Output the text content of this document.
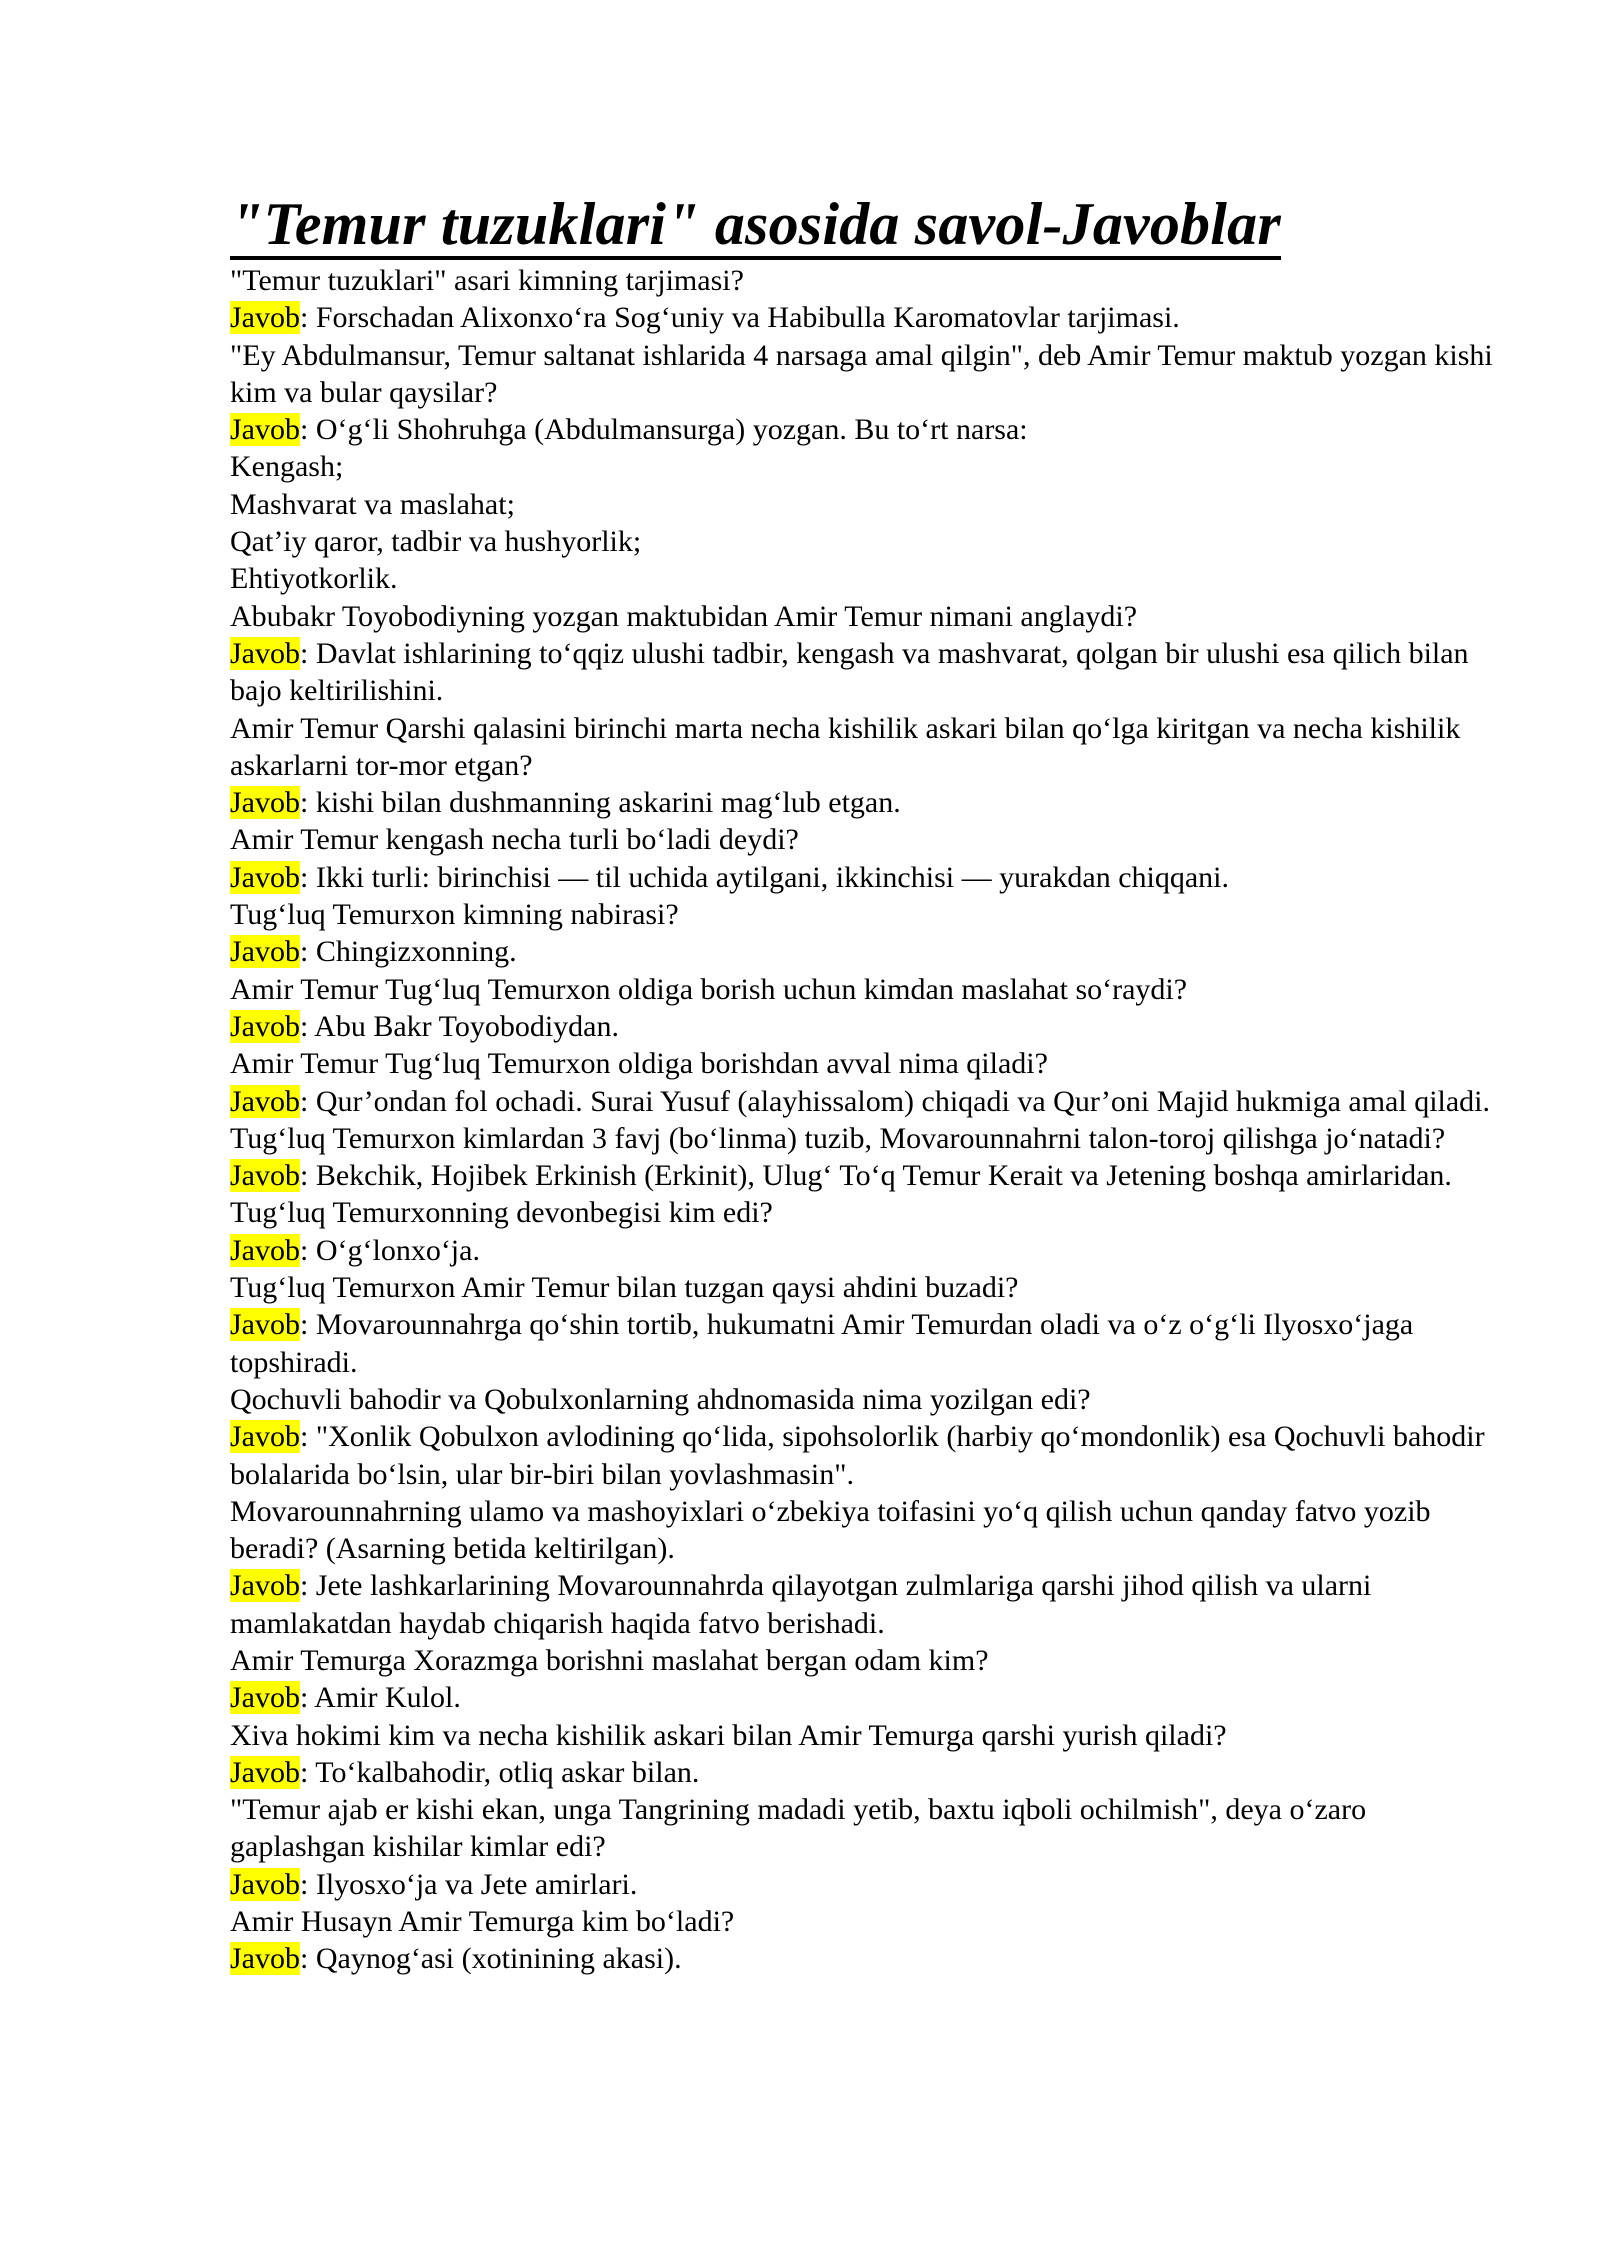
"Temur tuzuklari" asosida savol-Javoblar
"Temur tuzuklari" asari kimning tarjimasi?
Javob: Forschadan Alixonxo‘ra Sog‘uniy va Habibulla Karomatovlar tarjimasi.
"Ey Abdulmansur, Temur saltanat ishlarida 4 narsaga amal qilgin", deb Amir Temur maktub yozgan kishi kim va bular qaysilar?
Javob: O‘g‘li Shohruhga (Abdulmansurga) yozgan. Bu to‘rt narsa:
Kengash;
Mashvarat va maslahat;
Qat’iy qaror, tadbir va hushyorlik;
Ehtiyotkorlik.
Abubakr Toyobodiyning yozgan maktubidan Amir Temur nimani anglaydi?
Javob: Davlat ishlarining to‘qqiz ulushi tadbir, kengash va mashvarat, qolgan bir ulushi esa qilich bilan bajo keltirilishini.
Amir Temur Qarshi qalasini birinchi marta necha kishilik askari bilan qo‘lga kiritgan va necha kishilik askarlarni tor-mor etgan?
Javob: kishi bilan dushmanning askarini mag‘lub etgan.
Amir Temur kengash necha turli bo‘ladi deydi?
Javob: Ikki turli: birinchisi — til uchida aytilgani, ikkinchisi — yurakdan chiqqani.
Tug‘luq Temurxon kimning nabirasi?
Javob: Chingizxonning.
Amir Temur Tug‘luq Temurxon oldiga borish uchun kimdan maslahat so‘raydi?
Javob: Abu Bakr Toyobodiydan.
Amir Temur Tug‘luq Temurxon oldiga borishdan avval nima qiladi?
Javob: Qur’ondan fol ochadi. Surai Yusuf (alayhissalom) chiqadi va Qur’oni Majid hukmiga amal qiladi.
Tug‘luq Temurxon kimlardan 3 favj (bo‘linma) tuzib, Movarounnahrni talon-toroj qilishga jo‘natadi?
Javob: Bekchik, Hojibek Erkinish (Erkinit), Ulug‘ To‘q Temur Kerait va Jetening boshqa amirlaridan.
Tug‘luq Temurxonning devonbegisi kim edi?
Javob: O‘g‘lonxo‘ja.
Tug‘luq Temurxon Amir Temur bilan tuzgan qaysi ahdini buzadi?
Javob: Movarounnahrga qo‘shin tortib, hukumatni Amir Temurdan oladi va o‘z o‘g‘li Ilyosxo‘jaga topshiradi.
Qochuvli bahodir va Qobulxonlarning ahdnomasida nima yozilgan edi?
Javob: "Xonlik Qobulxon avlodining qo‘lida, sipohsolorlik (harbiy qo‘mondonlik) esa Qochuvli bahodir bolalarida bo‘lsin, ular bir-biri bilan yovlashmasin".
Movarounnahrning ulamo va mashoyixlari o‘zbekiya toifasini yo‘q qilish uchun qanday fatvo yozib beradi? (Asarning betida keltirilgan).
Javob: Jete lashkarlarining Movarounnahrda qilayotgan zulmlariga qarshi jihod qilish va ularni mamlakatdan haydab chiqarish haqida fatvo berishadi.
Amir Temurga Xorazmga borishni maslahat bergan odam kim?
Javob: Amir Kulol.
Xiva hokimi kim va necha kishilik askari bilan Amir Temurga qarshi yurish qiladi?
Javob: To‘kalbahodir, otliq askar bilan.
"Temur ajab er kishi ekan, unga Tangrining madadi yetib, baxtu iqboli ochilmish", deya o‘zaro gaplashgan kishilar kimlar edi?
Javob: Ilyosxo‘ja va Jete amirlari.
Amir Husayn Amir Temurga kim bo‘ladi?
Javob: Qaynog‘asi (xotinining akasi).
